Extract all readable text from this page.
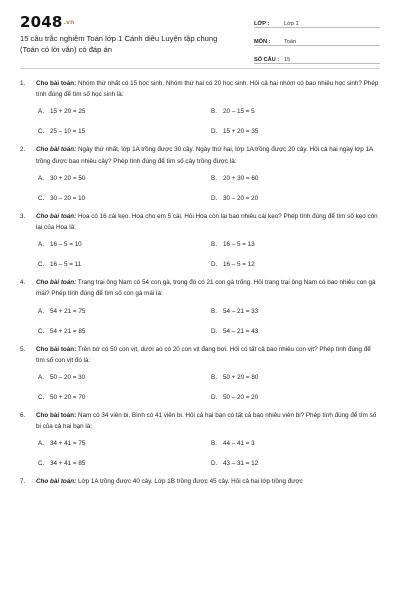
2048.vn
15 câu trắc nghiệm Toán lớp 1 Cánh diều Luyện tập chung (Toán có lời văn) có đáp án
LỚP :	Lớp 1
MÔN :	Toán
SỐ CÂU : 15
1.	Cho bài toán: Nhóm thứ nhất có 15 học sinh. Nhóm thứ hai có 20 học sinh. Hỏi cả hai nhóm có bao nhiêu học sinh? Phép tính đúng để tìm số học sinh là:
A. 15 + 20 = 25	B. 20 – 15 = 5
C. 25 – 10 = 15	D. 15 + 20 = 35
2.	Cho bài toán: Ngày thứ nhất, lớp 1A trồng được 30 cây. Ngày thứ hai, lớp 1A trồng được 20 cây. Hỏi cả hai ngày lớp 1A trồng được bao nhiêu cây? Phép tính đúng để tìm số cây trồng được là:
A. 30 + 20 = 50	B. 20 + 30 = 60
C. 30 – 20 = 10	D. 30 – 20 = 20
3.	Cho bài toán: Hoa có 16 cái kẹo. Hoa cho em 5 cái. Hỏi Hoa còn lại bao nhiêu cái kẹo? Phép tính đúng để tìm số kẹo còn lại của Hoa là:
A. 16 – 5 = 10	B. 16 – 5 = 13
C. 16 – 5 = 11	D. 16 – 5 = 12
4.	Cho bài toán: Trang trại ông Nam có 54 con gà, trong đó có 21 con gà trống. Hỏi trang trại ông Nam có bao nhiêu con gà mái? Phép tính đúng để tìm số con gà mái là:
A. 54 + 21 = 75	B. 54 – 21 = 33
C. 54 + 21 = 85	D. 54 – 21 = 43
5.	Cho bài toán: Trên bờ có 50 con vịt, dưới ao có 20 con vịt đang bơi. Hỏi có tất cả bao nhiêu con vịt? Phép tính đúng để tìm số con vịt đó là:
A. 50 – 20 = 30	B. 50 + 20 = 80
C. 50 + 20 = 70	D. 50 – 20 = 20
6.	Cho bài toán: Nam có 34 viên bi. Bình có 41 viên bi. Hỏi cả hai bạn có tất cả bao nhiêu viên bi? Phép tính đúng để tìm số bi của cả hai bạn là:
A. 34 + 41 = 75	B. 44 – 41 = 3
C. 34 + 41 = 85	D. 43 – 31 = 12
7.	Cho bài toán: Lớp 1A trồng được 40 cây. Lớp 1B trồng được 45 cây. Hỏi cả hai lớp trồng được
